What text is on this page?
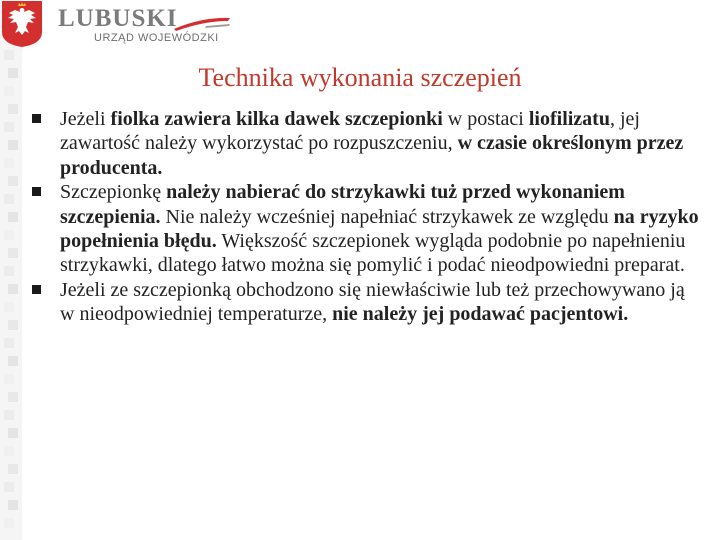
LUBUSKI
URZĄD WOJEWÓDZKI
Technika wykonania szczepień
Jeżeli fiolka zawiera kilka dawek szczepionki w postaci liofilizatu, jej zawartość należy wykorzystać po rozpuszczeniu, w czasie określonym przez producenta.
Szczepionkę należy nabierać do strzykawki tuż przed wykonaniem szczepienia. Nie należy wcześniej napełniać strzykawek ze względu na ryzyko popełnienia błędu. Większość szczepionek wygląda podobnie po napełnieniu strzykawki, dlatego łatwo można się pomylić i podać nieodpowiedni preparat.
Jeżeli ze szczepionką obchodzono się niewłaściwie lub też przechowywano ją w nieodpowiedniej temperaturze, nie należy jej podawać pacjentowi.
